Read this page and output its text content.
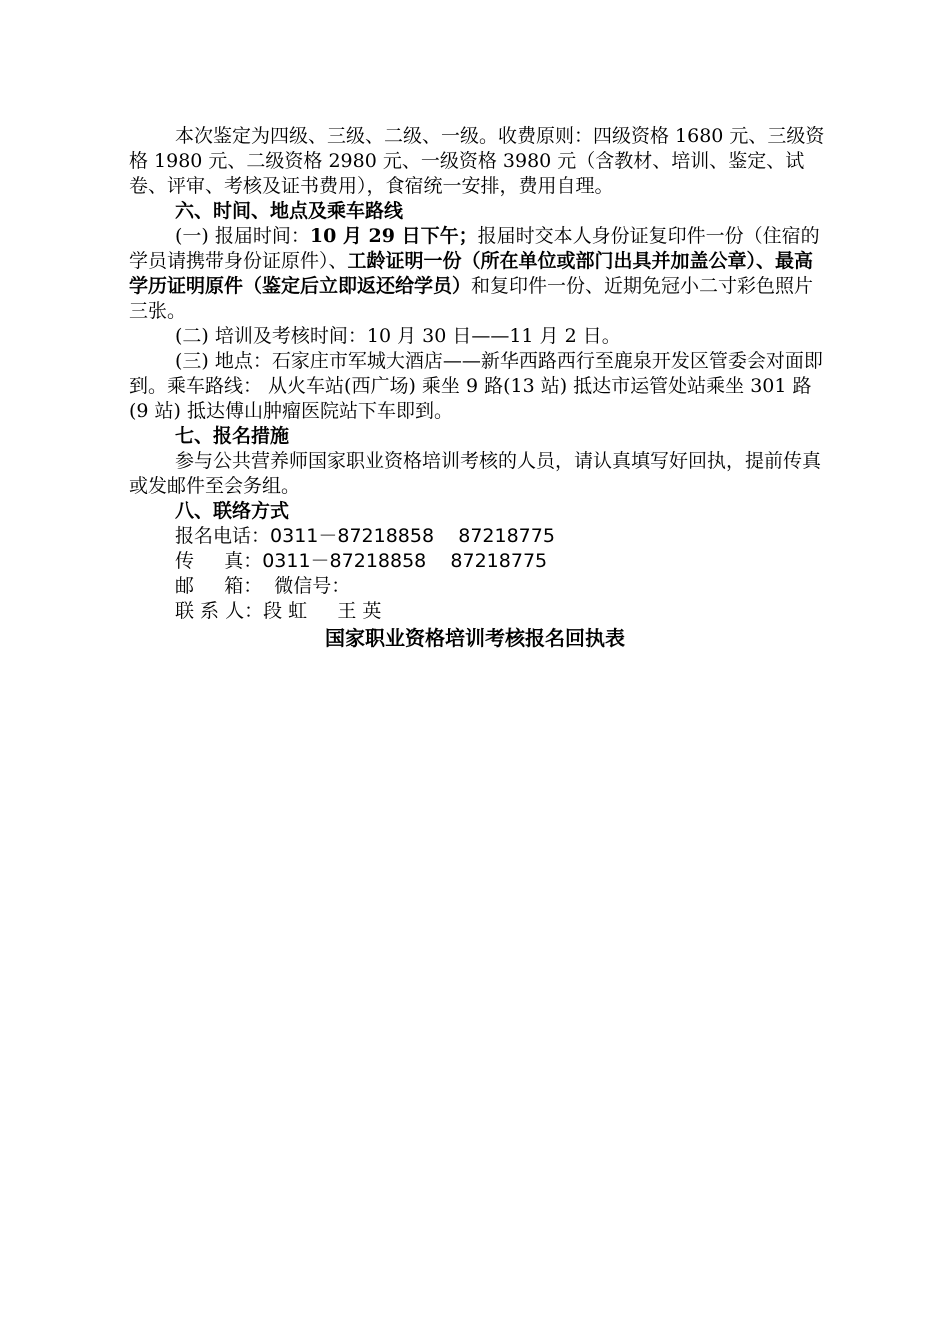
本次鉴定为四级、三级、二级、一级。收费原则：四级资格 1680 元、三级资格 1980 元、二级资格 2980 元、一级资格 3980 元（含教材、培训、鉴定、试卷、评审、考核及证书费用），食宿统一安排，费用自理。

六、时间、地点及乘车路线

(一) 报届时间：10 月 29 日下午；报届时交本人身份证复印件一份（住宿的学员请携带身份证原件）、工龄证明一份（所在单位或部门出具并加盖公章）、最高学历证明原件（鉴定后立即返还给学员）和复印件一份、近期免冠小二寸彩色照片三张。

(二) 培训及考核时间：10 月 30 日——11 月 2 日。

(三) 地点：石家庄市军城大酒店——新华西路西行至鹿泉开发区管委会对面即到。乘车路线： 从火车站(西广场) 乘坐 9 路(13 站) 抵达市运管处站乘坐 301 路(9 站) 抵达傅山肿瘤医院站下车即到。

七、报名措施

参与公共营养师国家职业资格培训考核的人员，请认真填写好回执，提前传真或发邮件至会务组。

八、联络方式

报名电话：0311－87218858    87218775

传     真：0311－87218858    87218775

邮     箱：  微信号：

联 系 人：段 虹     王 英

国家职业资格培训考核报名回执表
